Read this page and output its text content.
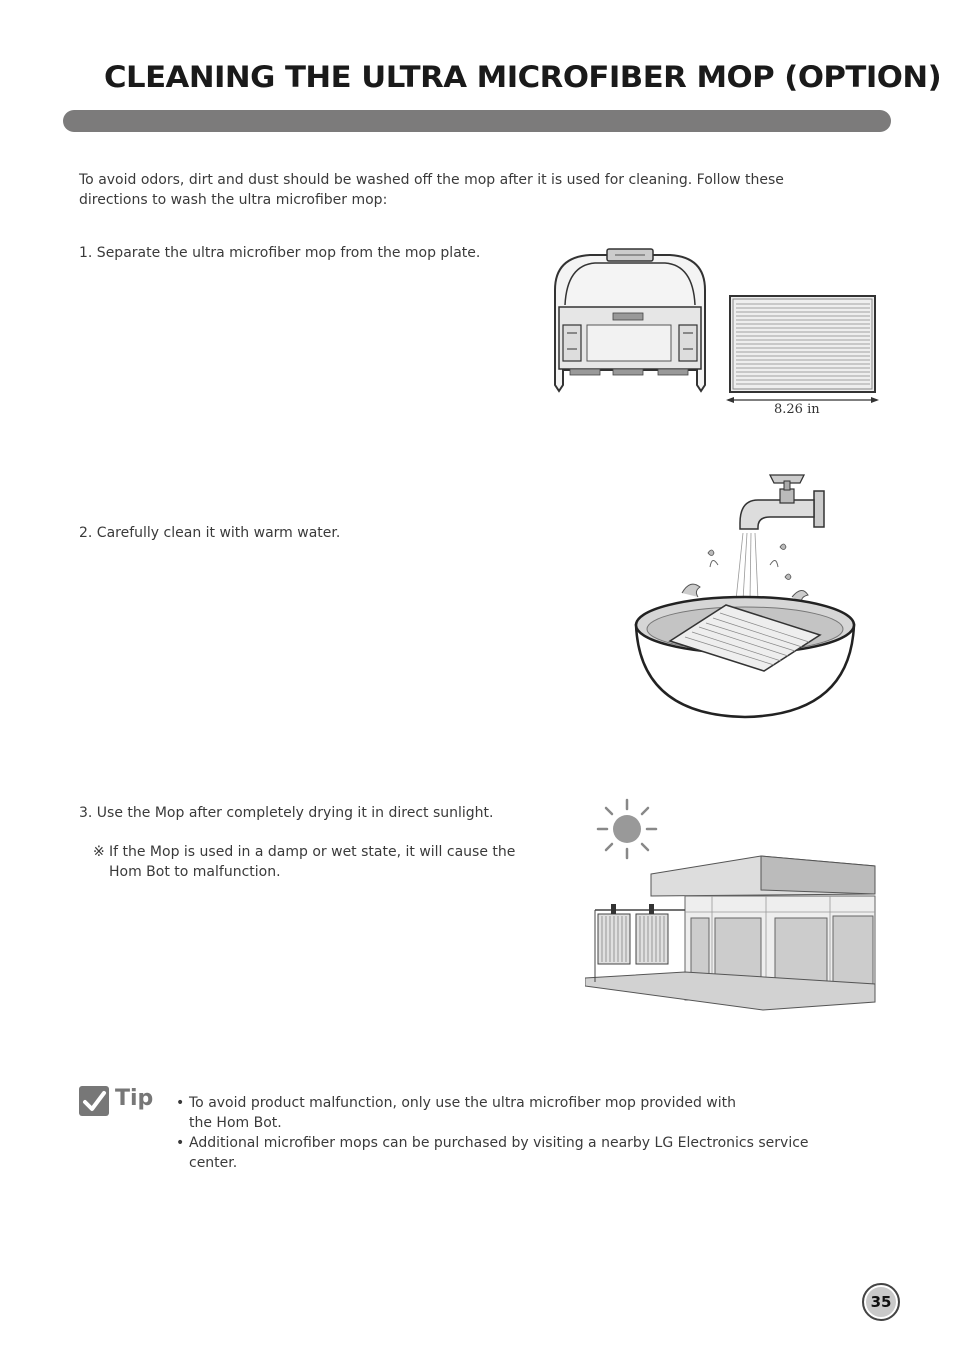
CLEANING THE ULTRA MICROFIBER MOP (OPTION)

To avoid odors, dirt and dust should be washed off the mop after it is used for cleaning. Follow these directions to wash the ultra microfiber mop:

1. Separate the ultra microfiber mop from the mop plate.

8.26 in

2. Carefully clean it with warm water.

3. Use the Mop after completely drying it in direct sunlight.

※ If the Mop is used in a damp or wet state, it will cause the
Hom Bot to malfunction.

Tip • To avoid product malfunction, only use the ultra microfiber mop provided with
the Hom Bot.
• Additional microfiber mops can be purchased by visiting a nearby LG Electronics service
center.
35
